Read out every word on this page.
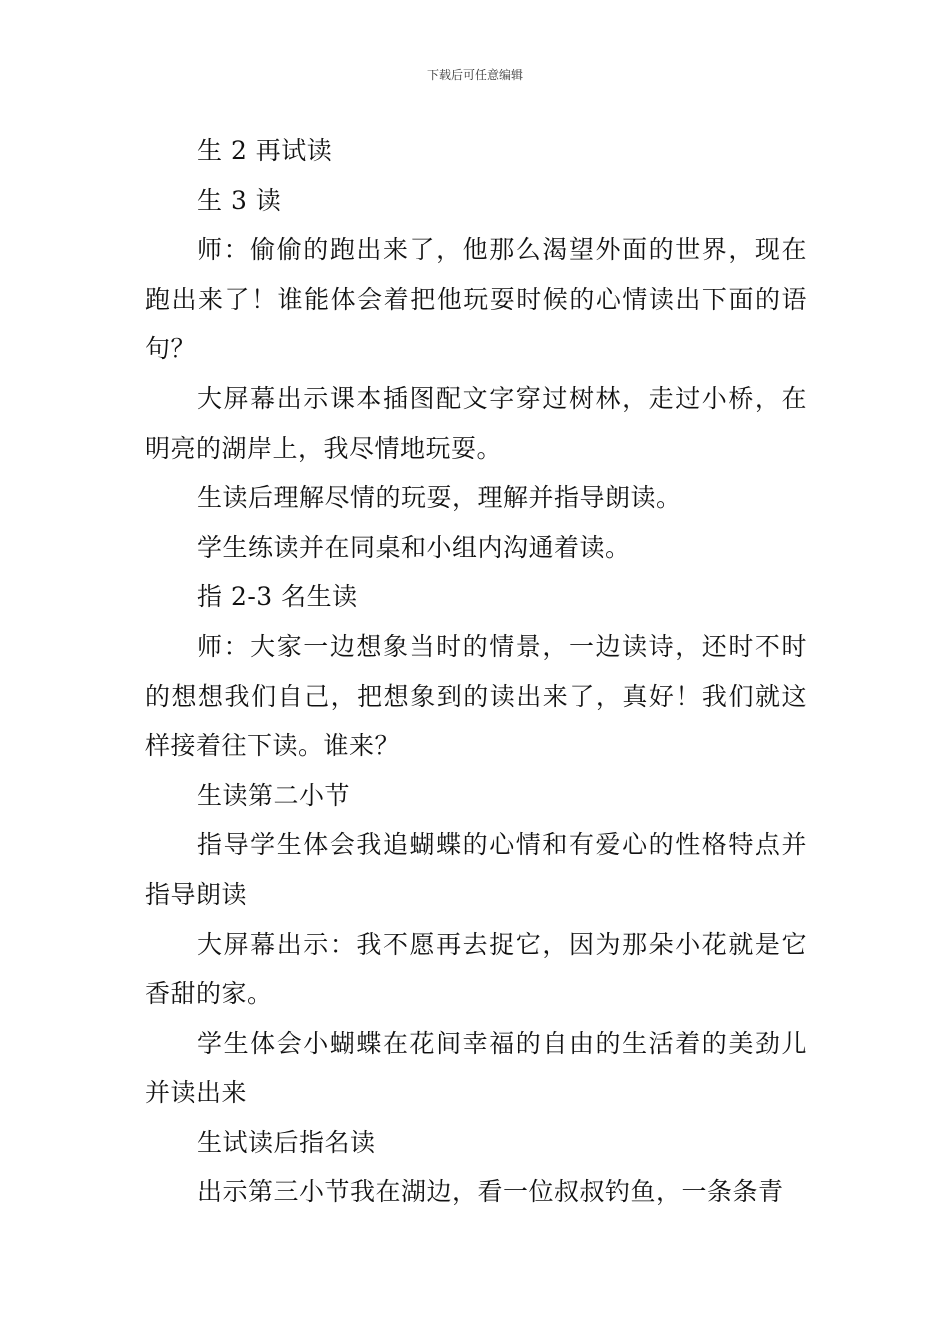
下载后可任意编辑

生 2 再试读

生 3 读

师：偷偷的跑出来了，他那么渴望外面的世界，现在跑出来了！谁能体会着把他玩耍时候的心情读出下面的语句？

大屏幕出示课本插图配文字穿过树林，走过小桥，在明亮的湖岸上，我尽情地玩耍。

生读后理解尽情的玩耍，理解并指导朗读。

学生练读并在同桌和小组内沟通着读。

指 2-3 名生读

师：大家一边想象当时的情景，一边读诗，还时不时的想想我们自己，把想象到的读出来了，真好！我们就这样接着往下读。谁来？

生读第二小节

指导学生体会我追蝴蝶的心情和有爱心的性格特点并指导朗读

大屏幕出示：我不愿再去捉它，因为那朵小花就是它香甜的家。

学生体会小蝴蝶在花间幸福的自由的生活着的美劲儿并读出来

生试读后指名读

出示第三小节我在湖边，看一位叔叔钓鱼，一条条青
